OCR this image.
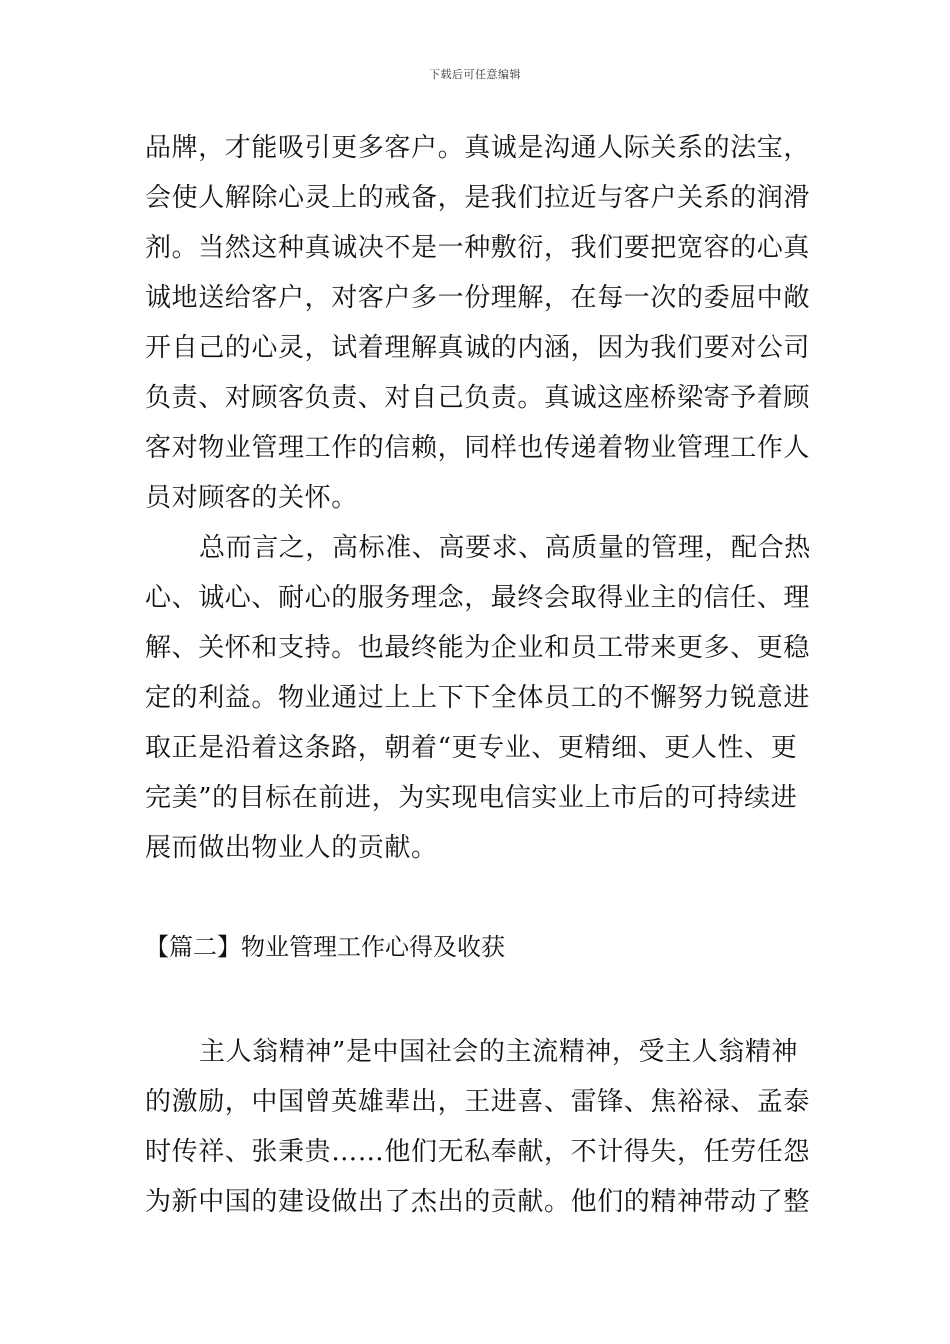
下载后可任意编辑
品牌，才能吸引更多客户。真诚是沟通人际关系的法宝，
会使人解除心灵上的戒备，是我们拉近与客户关系的润滑
剂。当然这种真诚决不是一种敷衍，我们要把宽容的心真
诚地送给客户，对客户多一份理解，在每一次的委屈中敞
开自己的心灵，试着理解真诚的内涵，因为我们要对公司
负责、对顾客负责、对自己负责。真诚这座桥梁寄予着顾
客对物业管理工作的信赖，同样也传递着物业管理工作人
员对顾客的关怀。
总而言之，高标准、高要求、高质量的管理，配合热
心、诚心、耐心的服务理念，最终会取得业主的信任、理
解、关怀和支持。也最终能为企业和员工带来更多、更稳
定的利益。物业通过上上下下全体员工的不懈努力锐意进
取正是沿着这条路，朝着“更专业、更精细、更人性、更
完美”的目标在前进，为实现电信实业上市后的可持续进
展而做出物业人的贡献。
【篇二】物业管理工作心得及收获
主人翁精神”是中国社会的主流精神，受主人翁精神
的激励，中国曾英雄辈出，王进喜、雷锋、焦裕禄、孟泰
时传祥、张秉贵……他们无私奉献，不计得失，任劳任怨
为新中国的建设做出了杰出的贡献。他们的精神带动了整
